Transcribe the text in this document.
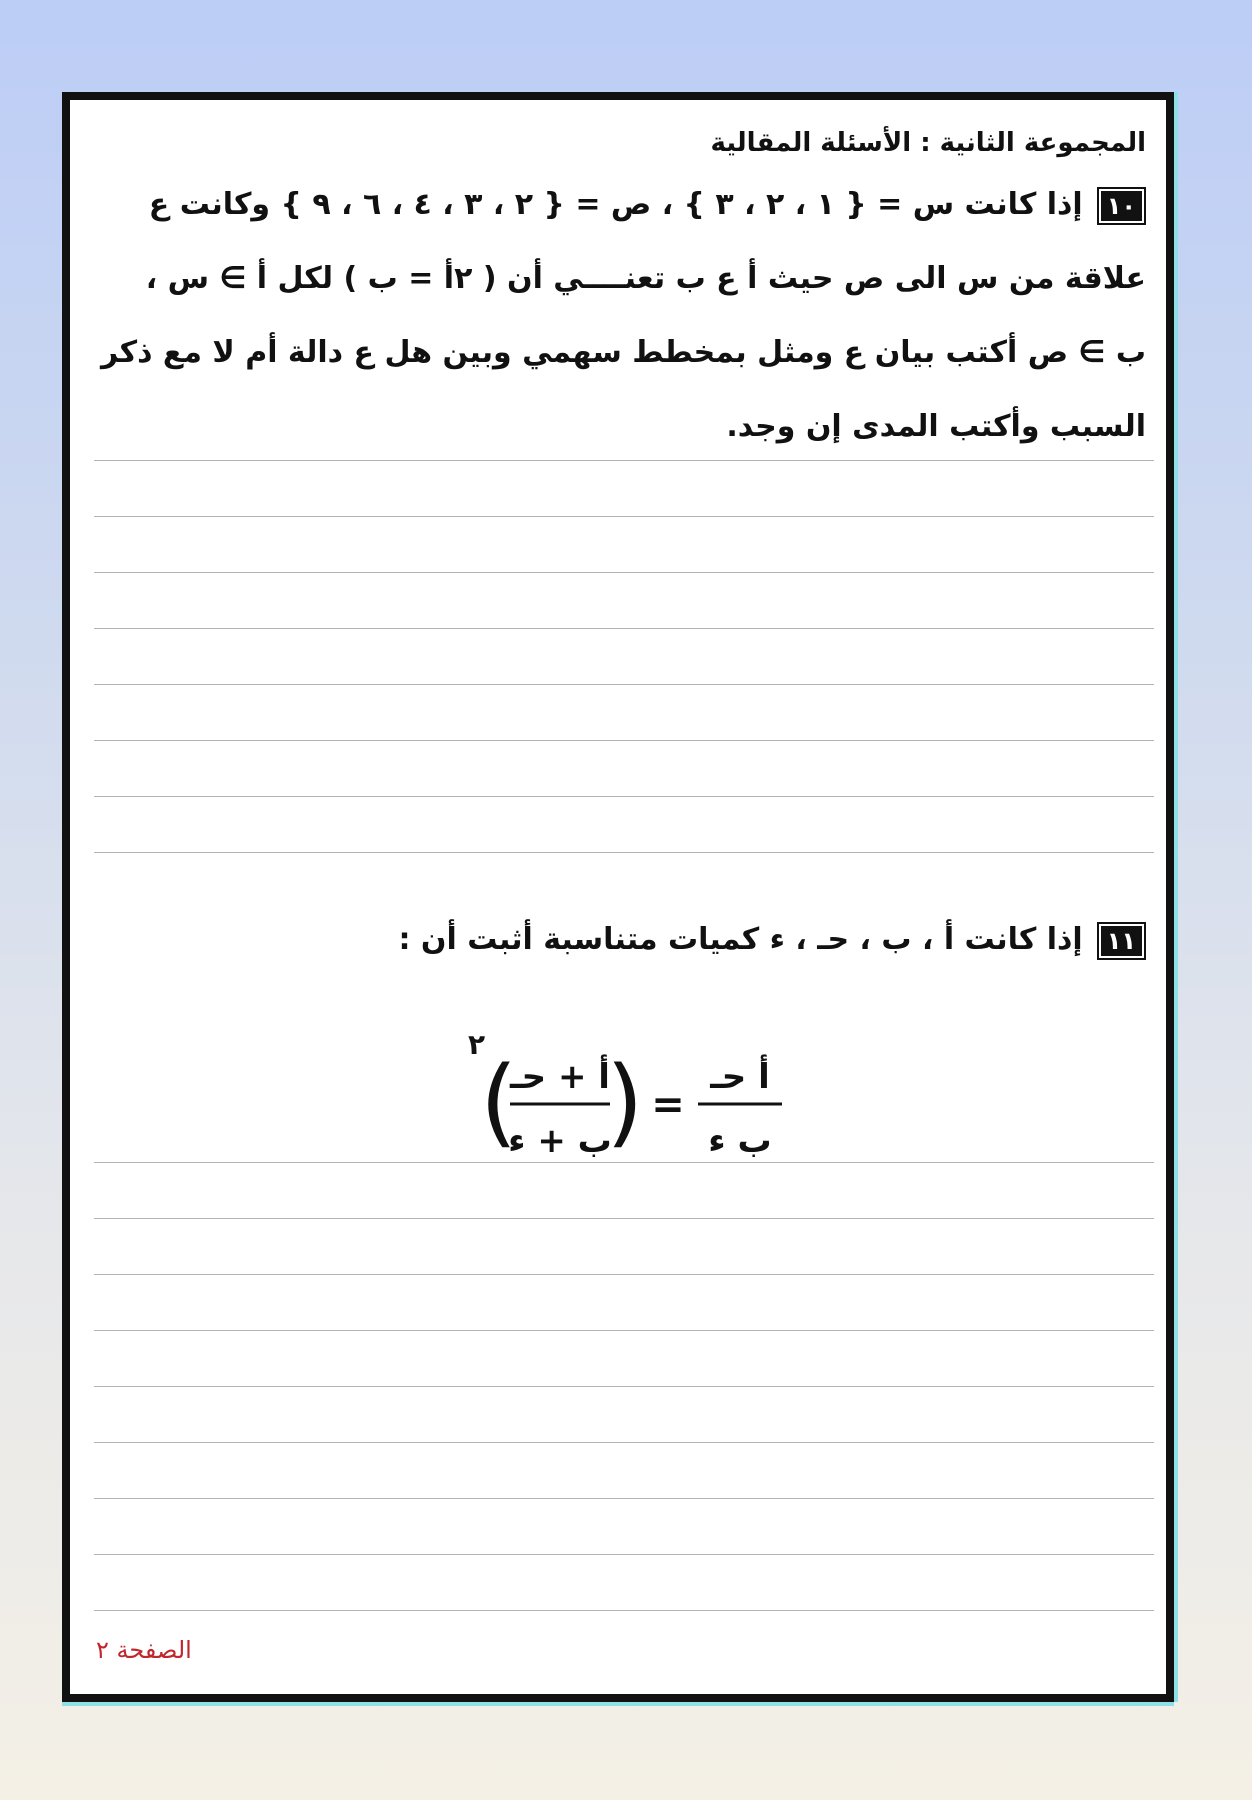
المجموعة الثانية : الأسئلة المقالية
١٠إذا كانت س = { ١ ، ٢ ، ٣ } ، ص = { ٢ ، ٣ ، ٤ ، ٦ ، ٩ } وكانت ع
علاقة من س الى ص حيث أ ع ب تعنــــي أن ( ٢أ = ب ) لكل أ ∋ س ،
ب ∋ ص أكتب بيان ع ومثل بمخطط سهمي وبين هل ع دالة أم لا مع ذكر
السبب وأكتب المدى إن وجد.
١١إذا كانت أ ، ب ، حـ ، ء كميات متناسبة أثبت أن :
أ حـ
ب ء
=
(
أ + حـ
ب + ء
)
٢
الصفحة ٢
